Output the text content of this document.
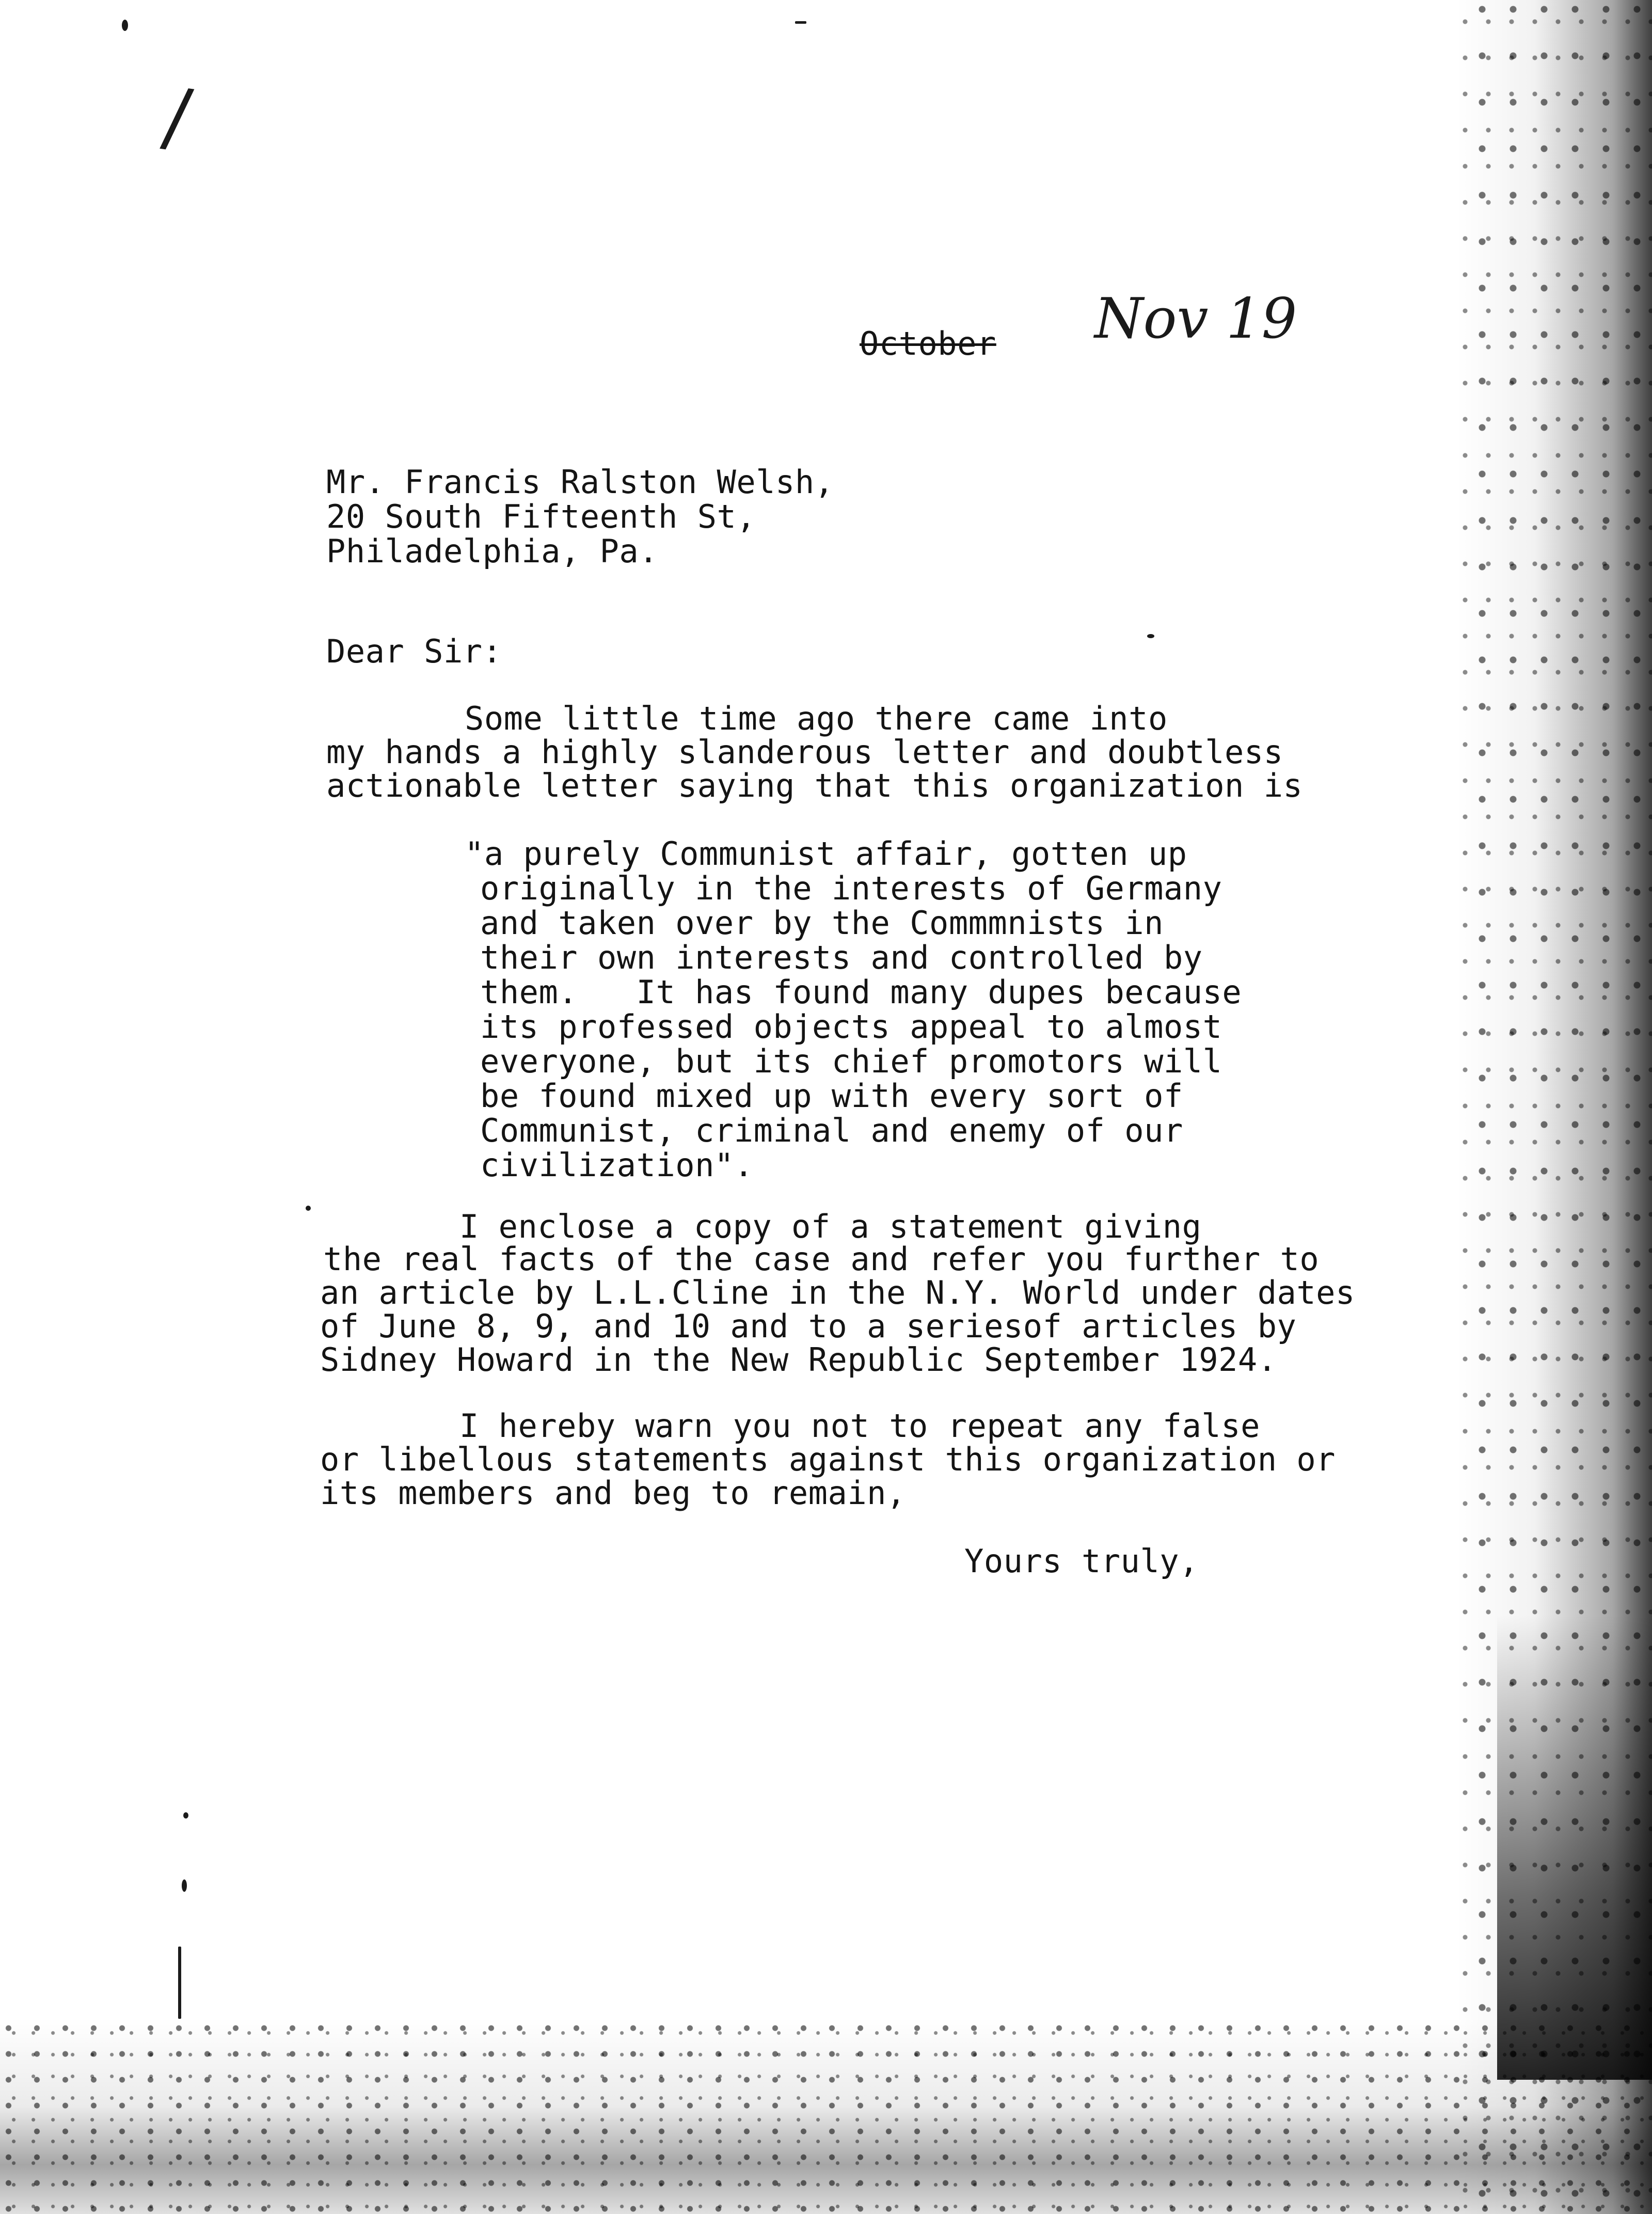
/
October Nov 19
Mr. Francis Ralston Welsh,
20 South Fifteenth St,
Philadelphia, Pa.
Dear Sir:
Some little time ago there came into
my hands a highly slanderous letter and doubtless
actionable letter saying that this organization is
"a purely Communist affair, gotten up
originally in the interests of Germany
and taken over by the Commmnists in
their own interests and controlled by
them.   It has found many dupes because
its professed objects appeal to almost
everyone, but its chief promotors will
be found mixed up with every sort of
Communist, criminal and enemy of our
civilization".
I enclose a copy of a statement giving
the real facts of the case and refer you further to
an article by L.L.Cline in the N.Y. World under dates
of June 8, 9, and 10 and to a seriesof articles by
Sidney Howard in the New Republic September 1924.
I hereby warn you not to repeat any false
or libellous statements against this organization or
its members and beg to remain,
Yours truly,
